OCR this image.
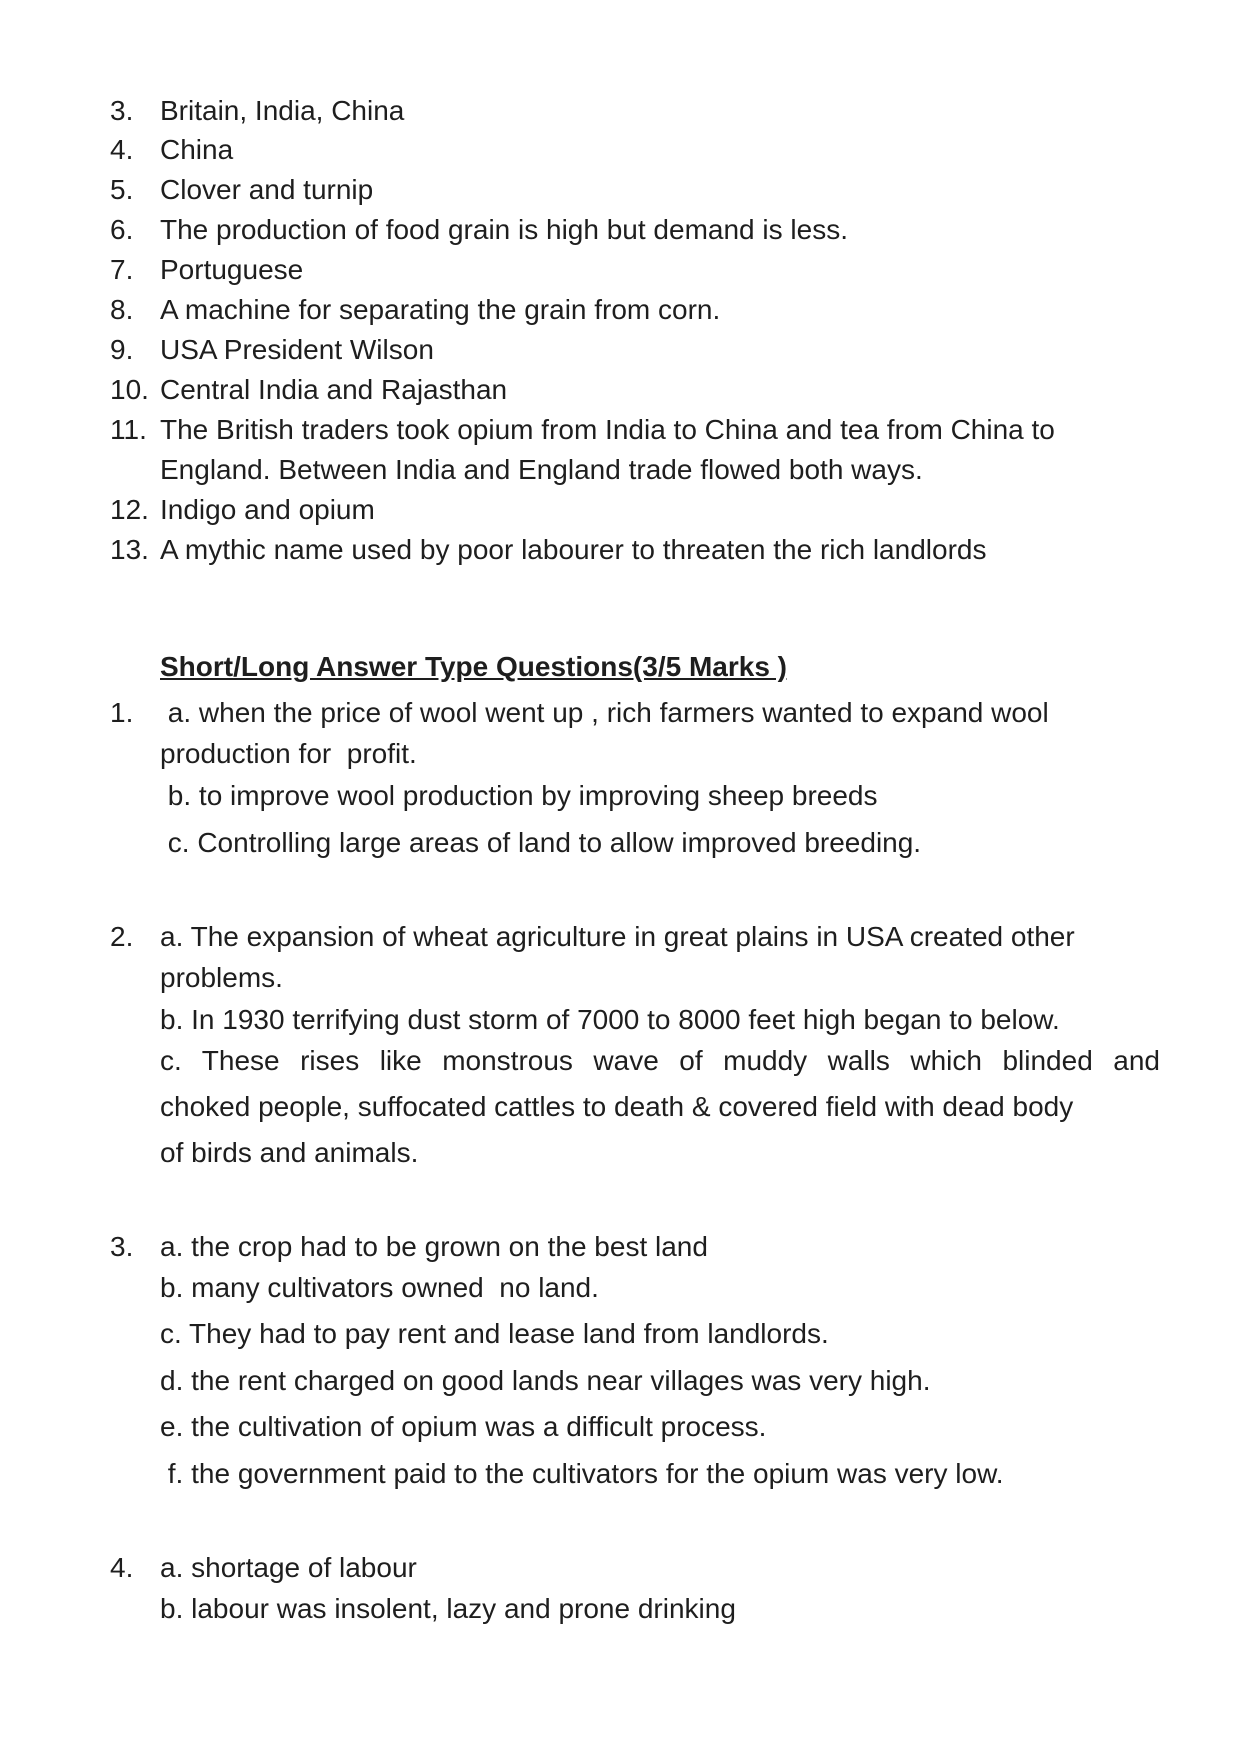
3. Britain, India, China
4. China
5. Clover and turnip
6. The production of food grain is high but demand is less.
7. Portuguese
8. A machine for separating the grain from corn.
9. USA President Wilson
10. Central India and Rajasthan
11. The British traders took opium from India to China and tea from China to
England. Between India and England trade flowed both ways.
12. Indigo and opium
13. A mythic name used by poor labourer to threaten the rich landlords
Short/Long Answer Type Questions(3/5 Marks )
1. a. when the price of wool went up , rich farmers wanted to expand wool
production for  profit.
b. to improve wool production by improving sheep breeds
c. Controlling large areas of land to allow improved breeding.
2. a. The expansion of wheat agriculture in great plains in USA created other
problems.
b. In 1930 terrifying dust storm of 7000 to 8000 feet high began to below.
c. These rises like monstrous wave of muddy walls which blinded and
choked people, suffocated cattles to death & covered field with dead body
of birds and animals.
3. a. the crop had to be grown on the best land
b. many cultivators owned  no land.
c. They had to pay rent and lease land from landlords.
d. the rent charged on good lands near villages was very high.
e. the cultivation of opium was a difficult process.
f. the government paid to the cultivators for the opium was very low.
4. a. shortage of labour
b. labour was insolent, lazy and prone drinking
